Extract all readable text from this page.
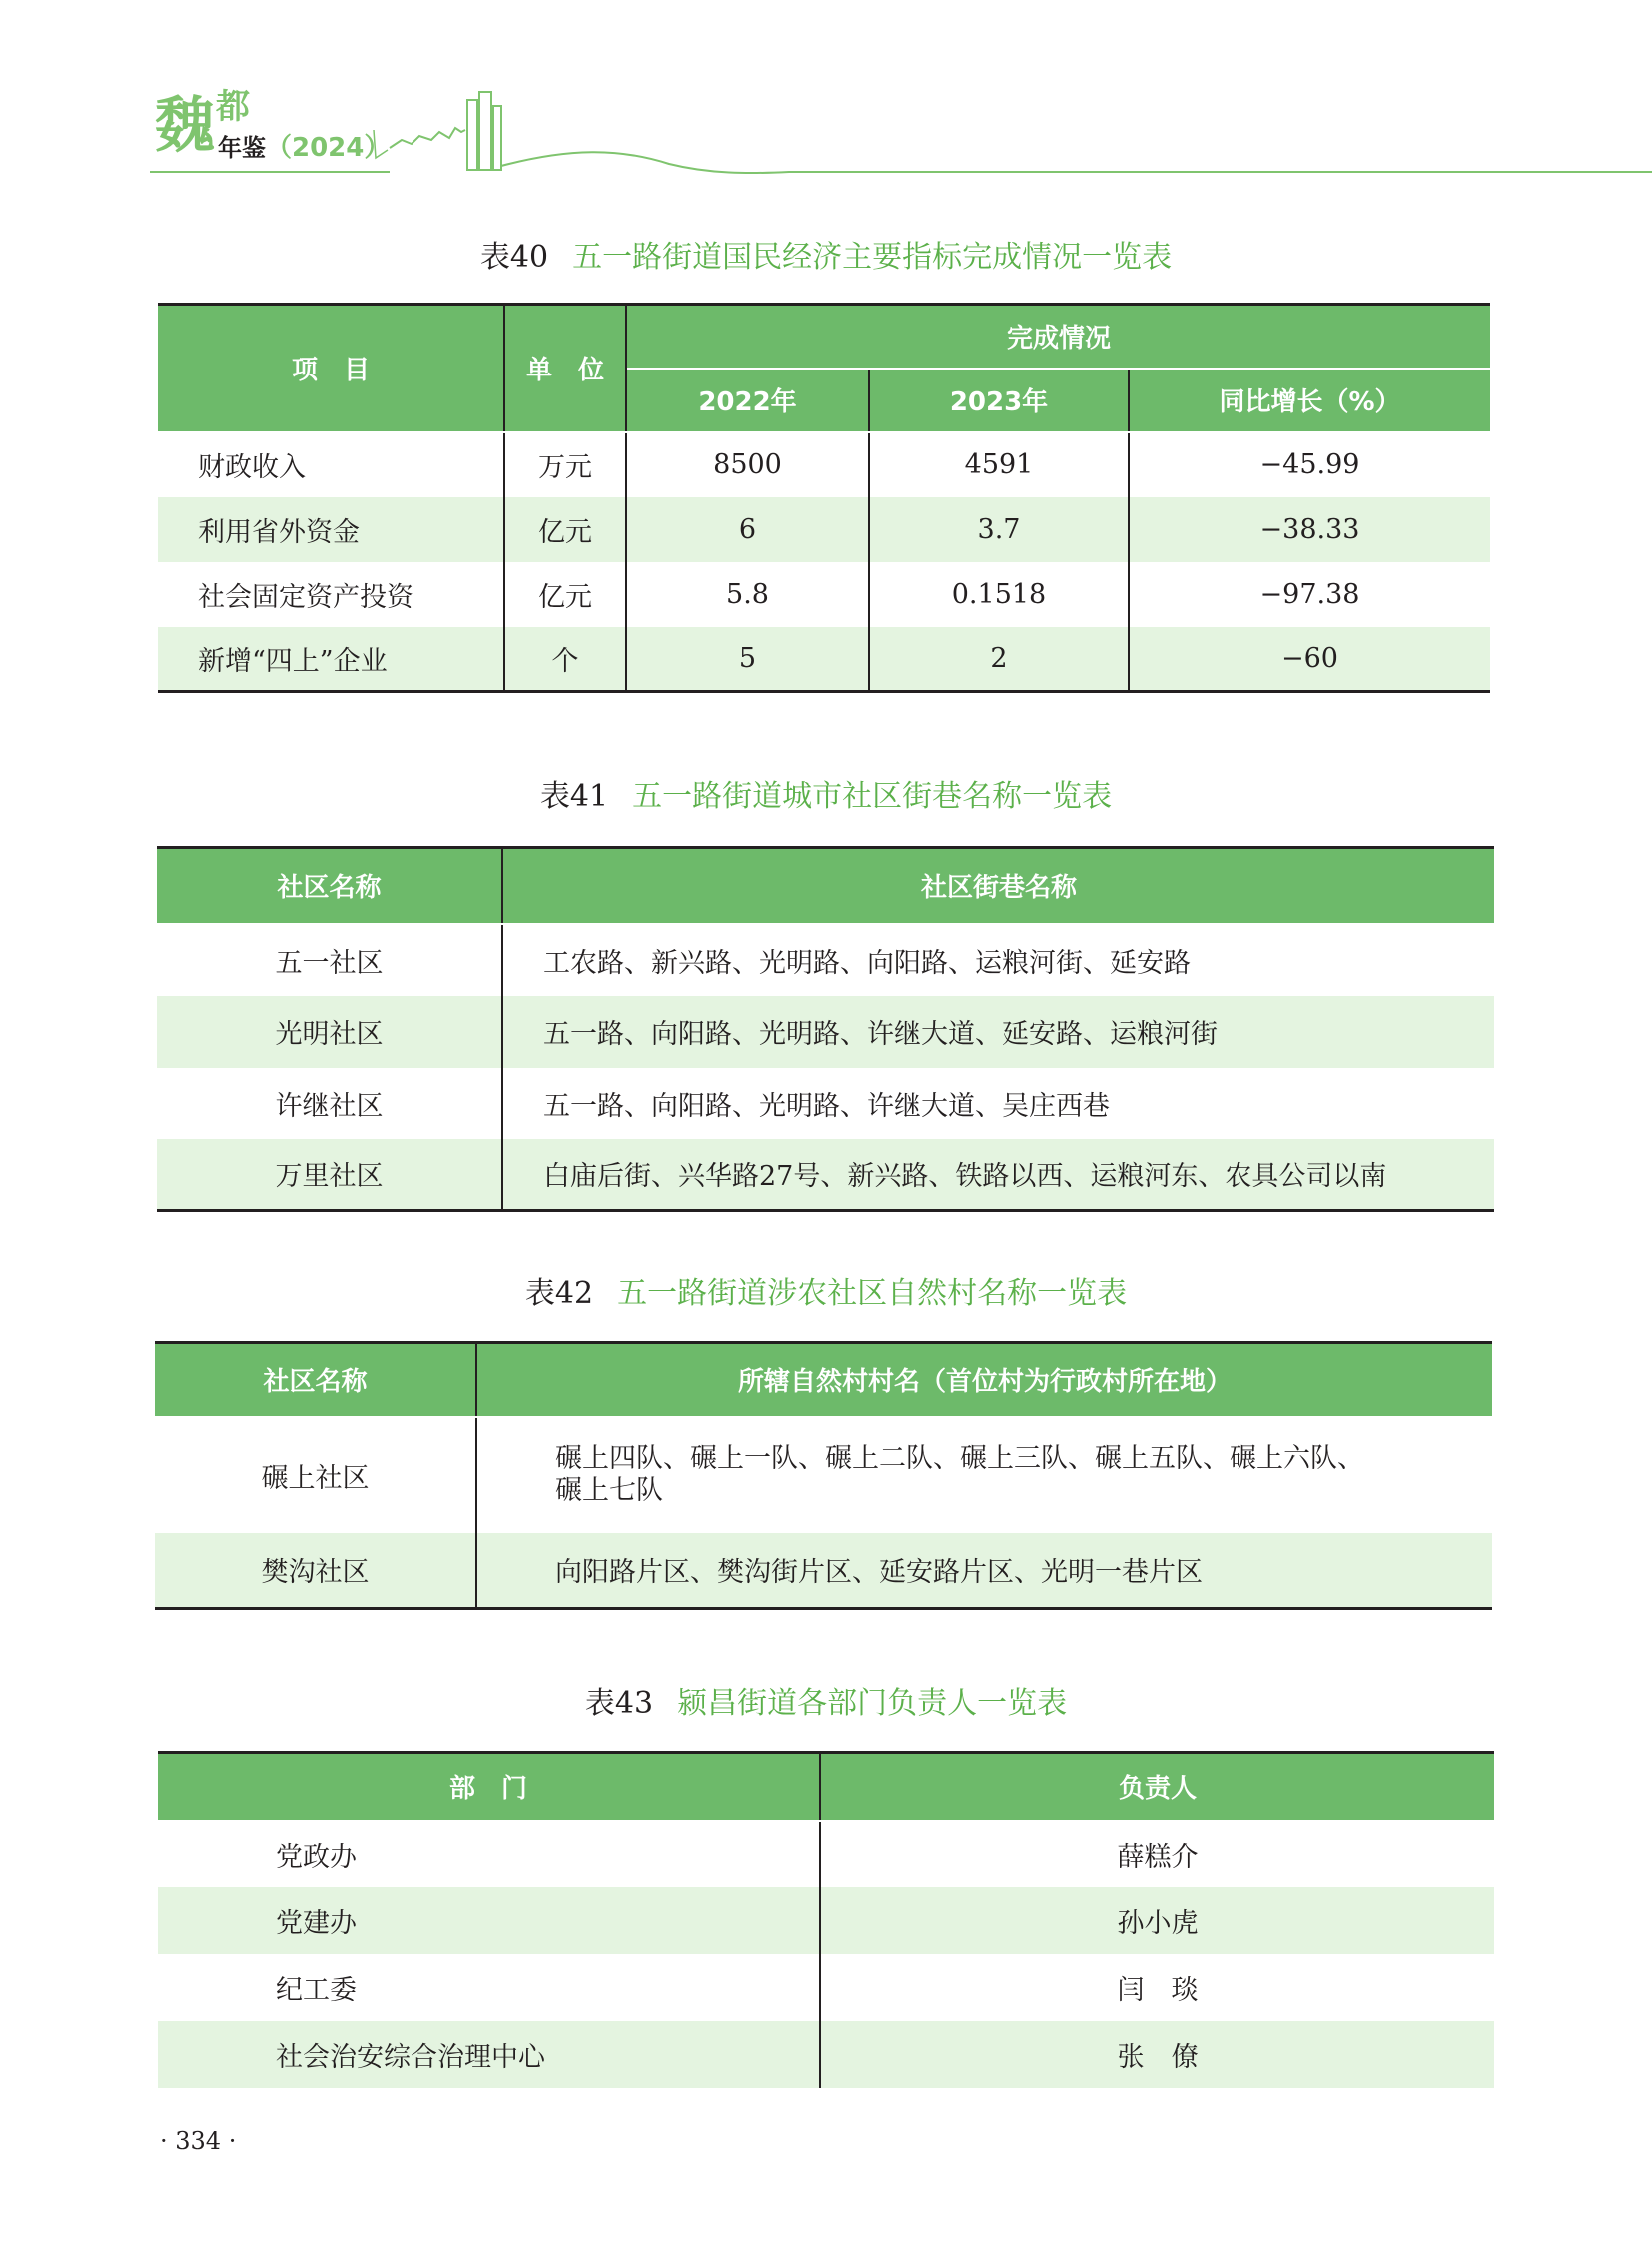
魏 都
年鉴（2024）
表40 五一路街道国民经济主要指标完成情况一览表
项　目	单　位	完成情况		
		2022年	2023年	同比增长（%）
财政收入	万元	8500	4591	−45.99
利用省外资金	亿元	6	3.7	−38.33
社会固定资产投资	亿元	5.8	0.1518	−97.38
新增“四上”企业	个	5	2	−60
表41 五一路街道城市社区街巷名称一览表
社区名称	社区街巷名称
五一社区	工农路、新兴路、光明路、向阳路、运粮河街、延安路
光明社区	五一路、向阳路、光明路、许继大道、延安路、运粮河街
许继社区	五一路、向阳路、光明路、许继大道、吴庄西巷
万里社区	白庙后街、兴华路27号、新兴路、铁路以西、运粮河东、农具公司以南
表42 五一路街道涉农社区自然村名称一览表
社区名称	所辖自然村村名（首位村为行政村所在地）
碾上社区	碾上四队、碾上一队、碾上二队、碾上三队、碾上五队、碾上六队、
碾上七队

樊沟社区	向阳路片区、樊沟街片区、延安路片区、光明一巷片区
表43 颍昌街道各部门负责人一览表
部　门	负责人
党政办	薛糕介
党建办	孙小虎
纪工委	闫　琰
社会治安综合治理中心	张　僚
· 334 ·
